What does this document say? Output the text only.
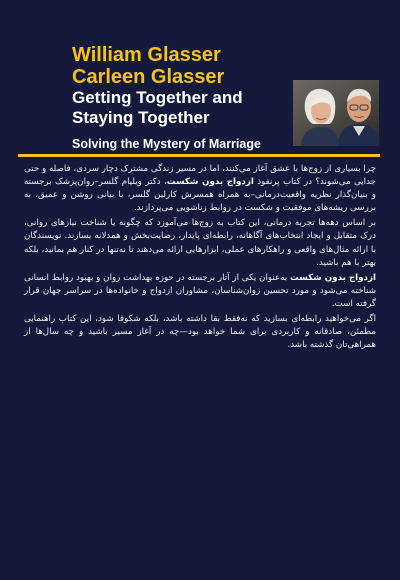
William Glasser
Carleen Glasser
Getting Together and
Staying Together
Solving the Mystery of Marriage

چرا بسیاری از زوج‌ها با عشق آغاز می‌کنند، اما در مسیر زندگی مشترک دچار سردی، فاصله و حتی جدایی می‌شوند؟ در کتاب پرنفوذ ازدواج بدون شکست، دکتر ویلیام گلسر–روان‌پزشک برجسته و بنیان‌گذار نظریه واقعیت‌درمانی–به همراه همسرش کارلین گلسر، با بیانی روشن و عمیق، به بررسی ریشه‌های موفقیت و شکست در روابط زناشویی می‌پردازند.

بر اساس دهه‌ها تجربه درمانی، این کتاب به زوج‌ها می‌آموزد که چگونه با شناخت نیازهای روانی، درک متقابل و ایجاد انتخاب‌های آگاهانه، رابطه‌ای پایدار، رضایت‌بخش و همدلانه بسازند. نویسندگان با ارائه مثال‌های واقعی و راهکارهای عملی، ابزارهایی ارائه می‌دهند تا نه‌تنها در کنار هم بمانید، بلکه بهتر با هم باشید.

ازدواج بدون شکست به‌عنوان یکی از آثار برجسته در حوزه بهداشت روان و بهبود روابط انسانی شناخته می‌شود و مورد تحسین روان‌شناسان، مشاوران ازدواج و خانواده‌ها در سراسر جهان قرار گرفته است.

اگر می‌خواهید رابطه‌ای بسازید که نه‌فقط بقا داشته باشد، بلکه شکوفا شود، این کتاب راهنمایی مطمئن، صادقانه و کاربردی برای شما خواهد بود—چه در آغاز مسیر باشید و چه سال‌ها از همراهی‌تان گذشته باشد.
